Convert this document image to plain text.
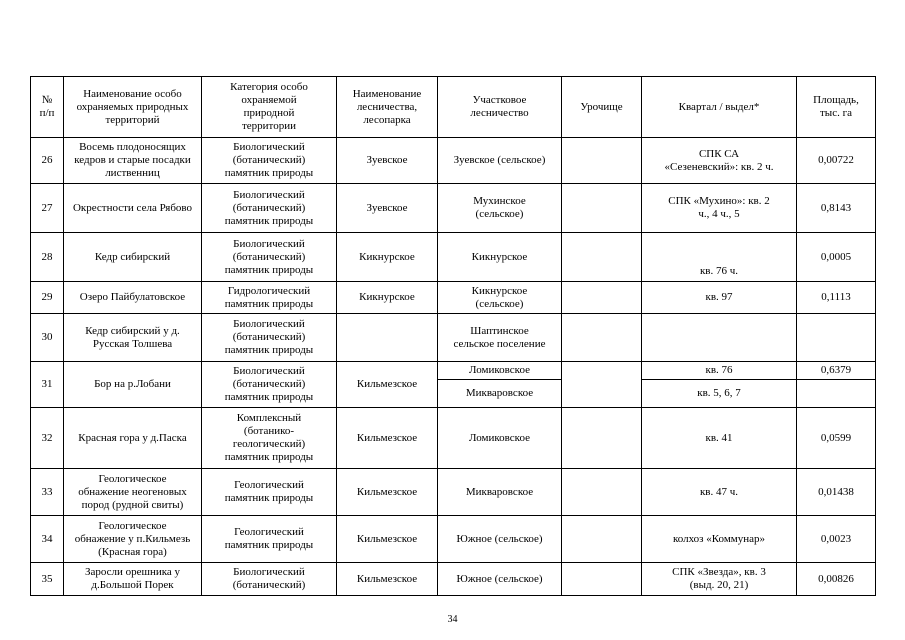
№
п/п	Наименование особо
охраняемых природных
территорий	Категория особо
охраняемой
природной
территории	Наименование
лесничества,
лесопарка	Участковое
лесничество	Урочище	Квартал / выдел*	Площадь,
тыс. га
26	Восемь плодоносящих
кедров и старые посадки
лиственниц	Биологический
(ботанический)
памятник природы	Зуевское	Зуевское (сельское)		СПК СА
«Сезеневский»: кв. 2 ч.	0,00722
27	Окрестности села Рябово	Биологический
(ботанический)
памятник природы	Зуевское	Мухинское
(сельское)		СПК «Мухино»: кв. 2
ч., 4 ч., 5	0,8143
28	Кедр сибирский	Биологический
(ботанический)
памятник природы	Кикнурское	Кикнурское		кв. 76 ч.	0,0005
29	Озеро Пайбулатовское	Гидрологический
памятник природы	Кикнурское	Кикнурское
(сельское)		кв. 97	0,1113
30	Кедр сибирский у д.
Русская Толшева	Биологический
(ботанический)
памятник природы		Шаптинское
сельское поселение			
31	Бор на р.Лобани	Биологический
(ботанический)
памятник природы	Кильмезское	Ломиковское		кв. 76	0,6379
				Микваровское		кв. 5, 6, 7	
32	Красная гора у д.Паска	Комплексный
(ботанико-
геологический)
памятник природы	Кильмезское	Ломиковское		кв. 41	0,0599
33	Геологическое
обнажение неогеновых
пород (рудной свиты)	Геологический
памятник природы	Кильмезское	Микваровское		кв. 47 ч.	0,01438
34	Геологическое
обнажение у п.Кильмезь
(Красная гора)	Геологический
памятник природы	Кильмезское	Южное (сельское)		колхоз «Коммунар»	0,0023
35	Заросли орешника у
д.Большой Порек	Биологический
(ботанический)	Кильмезское	Южное (сельское)		СПК «Звезда», кв. 3
(выд. 20, 21)	0,00826
34
